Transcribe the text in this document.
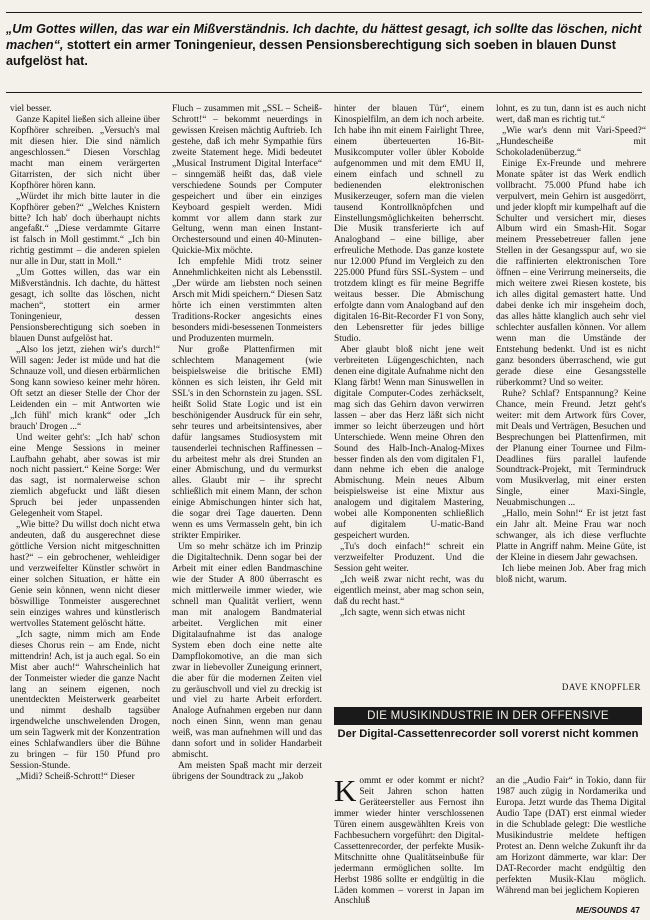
„Um Gottes willen, das war ein Mißverständnis. Ich dachte, du hättest gesagt, ich sollte das löschen, nicht machen“, stottert ein armer Toningenieur, dessen Pensionsberechtigung sich soeben in blauen Dunst aufgelöst hat.

viel besser.

Ganze Kapitel ließen sich alleine über Kopfhörer schreiben. „Versuch's mal mit diesen hier. Die sind nämlich angeschlossen.“ Diesen Vorschlag macht man einem verärgerten Gitarristen, der sich nicht über Kopfhörer hören kann.

„Würdet ihr mich bitte lauter in die Kopfhörer geben?“ „Welches Knistern bitte? Ich hab' doch überhaupt nichts angefaßt.“ „Diese verdammte Gitarre ist falsch in Moll gestimmt.“ „Ich bin richtig gestimmt – die anderen spielen nur alle in Dur, statt in Moll.“

„Um Gottes willen, das war ein Mißverständnis. Ich dachte, du hättest gesagt, ich sollte das löschen, nicht machen“, stottert ein armer Toningenieur, dessen Pensionsberechtigung sich soeben in blauen Dunst aufgelöst hat.

„Also los jetzt, ziehen wir's durch!“ Will sagen: Jeder ist müde und hat die Schnauze voll, und diesen erbärmlichen Song kann sowieso keiner mehr hören. Oft setzt an dieser Stelle der Chor der Leidenden ein – mit Antworten wie „Ich fühl' mich krank“ oder „Ich brauch' Drogen ...“

Und weiter geht's: „Ich hab' schon eine Menge Sessions in meiner Laufbahn gehabt, aber sowas ist mir noch nicht passiert.“ Keine Sorge: Wer das sagt, ist normalerweise schon ziemlich abgefuckt und läßt diesen Spruch bei jeder unpassenden Gelegenheit vom Stapel.

„Wie bitte? Du willst doch nicht etwa andeuten, daß du ausgerechnet diese göttliche Version nicht mitgeschnitten hast?“ – ein gebrochener, wehleidiger und verzweifelter Künstler schwört in einer solchen Situation, er hätte ein Genie sein können, wenn nicht dieser böswillige Tonmeister ausgerechnet sein einziges wahres und künstlerisch wertvolles Statement gelöscht hätte.

„Ich sagte, nimm mich am Ende dieses Chorus rein – am Ende, nicht mittendrin! Ach, ist ja auch egal. So ein Mist aber auch!“ Wahrscheinlich hat der Tonmeister wieder die ganze Nacht lang an seinem eigenen, noch unentdeckten Meisterwerk gearbeitet und nimmt deshalb tagsüber irgendwelche unschwelenden Drogen, um sein Tagwerk mit der Konzentration eines Schlafwandlers über die Bühne zu bringen – für 150 Pfund pro Session-Stunde.

„Midi? Scheiß-Schrott!“ Dieser

Fluch – zusammen mit „SSL – Scheiß-Schrott!“ – bekommt neuerdings in gewissen Kreisen mächtig Auftrieb. Ich gestehe, daß ich mehr Sympathie fürs zweite Statement hege. Midi bedeutet „Musical Instrument Digital Interface“ – sinngemäß heißt das, daß viele verschiedene Sounds per Computer gespeichert und über ein einziges Keyboard gespielt werden. Midi kommt vor allem dann stark zur Geltung, wenn man einen Instant-Orchestersound und einen 40-Minuten-Quickie-Mix möchte.

Ich empfehle Midi trotz seiner Annehmlichkeiten nicht als Lebensstil. „Der würde am liebsten noch seinen Arsch mit Midi speichern.“ Diesen Satz hörte ich einen verstimmten alten Traditions-Rocker angesichts eines besonders midi-besessenen Tonmeisters und Produzenten murmeln.

Nur große Plattenfirmen mit schlechtem Management (wie beispielsweise die britische EMI) können es sich leisten, ihr Geld mit SSL's in den Schornstein zu jagen. SSL heißt Solid State Logic und ist ein beschönigender Ausdruck für ein sehr, sehr teures und arbeitsintensives, aber dafür langsames Studiosystem mit tausenderlei technischen Raffinessen – du arbeitest mehr als drei Stunden an einer Abmischung, und du vermurkst alles. Glaubt mir – ihr sprecht schließlich mit einem Mann, der schon einige Abmischungen hinter sich hat, die sogar drei Tage dauerten. Denn wenn es ums Vermasseln geht, bin ich strikter Empiriker.

Um so mehr schätze ich im Prinzip die Digitaltechnik. Denn sogar bei der Arbeit mit einer edlen Bandmaschine wie der Studer A 800 überrascht es mich mittlerweile immer wieder, wie schnell man Qualität verliert, wenn man mit analogem Bandmaterial arbeitet. Verglichen mit einer Digitalaufnahme ist das analoge System eben doch eine nette alte Dampflokomotive, an die man sich zwar in liebevoller Zuneigung erinnert, die aber für die modernen Zeiten viel zu geräuschvoll und viel zu dreckig ist und viel zu harte Arbeit erfordert. Analoge Aufnahmen ergeben nur dann noch einen Sinn, wenn man genau weiß, was man aufnehmen will und das dann sofort und in solider Handarbeit abmischt.

Am meisten Spaß macht mir derzeit übrigens der Soundtrack zu „Jakob

hinter der blauen Tür“, einem Kinospielfilm, an dem ich noch arbeite. Ich habe ihn mit einem Fairlight Three, einem überteuerten 16-Bit-Musikcomputer voller übler Kobolde aufgenommen und mit dem EMU II, einem einfach und schnell zu bedienenden elektronischen Musikerzeuger, sofern man die vielen tausend Kontrollknöpfchen und Einstellungsmöglichkeiten beherrscht. Die Musik transferierte ich auf Analogband – eine billige, aber erfreuliche Methode. Das ganze kostete nur 12.000 Pfund im Vergleich zu den 225.000 Pfund fürs SSL-System – und trotzdem klingt es für meine Begriffe weitaus besser. Die Abmischung erfolgte dann vom Analogband auf den digitalen 16-Bit-Recorder F1 von Sony, den Lebensretter für jedes billige Studio.

Aber glaubt bloß nicht jene weit verbreiteten Lügengeschichten, nach denen eine digitale Aufnahme nicht den Klang färbt! Wenn man Sinuswellen in digitale Computer-Codes zerhäckselt, mag sich das Gehirn davon verwirren lassen – aber das Herz läßt sich nicht immer so leicht überzeugen und hört Unterschiede. Wenn meine Ohren den Sound des Halb-Inch-Analog-Mixes besser finden als den vom digitalen F1, dann nehme ich eben die analoge Abmischung. Mein neues Album beispielsweise ist eine Mixtur aus analogem und digitalem Mastering, wobei alle Komponenten schließlich auf digitalem U-matic-Band gespeichert wurden.

„Tu's doch einfach!“ schreit ein verzweifelter Produzent. Und die Session geht weiter.

„Ich weiß zwar nicht recht, was du eigentlich meinst, aber mag schon sein, daß du recht hast.“

„Ich sagte, wenn sich etwas nicht

lohnt, es zu tun, dann ist es auch nicht wert, daß man es richtig tut.“

„Wie war's denn mit Vari-Speed?“ „Hundescheiße mit Schokoladenüberzug.“

Einige Ex-Freunde und mehrere Monate später ist das Werk endlich vollbracht. 75.000 Pfund habe ich verpulvert, mein Gehirn ist ausgedörrt, und jeder klopft mir kumpelhaft auf die Schulter und versichert mir, dieses Album wird ein Smash-Hit. Sogar meinem Pressebetreuer fallen jene Stellen in der Gesangsspur auf, wo sie die raffinierten elektronischen Tore öffnen – eine Verirrung meinerseits, die mich weitere zwei Riesen kostete, bis ich alles digital gemastert hatte. Und dabei denke ich mir insgeheim doch, das alles hätte klanglich auch sehr viel schlechter ausfallen können. Vor allem wenn man die Umstände der Entstehung bedenkt. Und ist es nicht ganz besonders überraschend, wie gut gerade diese eine Gesangsstelle rüberkommt? Und so weiter.

Ruhe? Schlaf? Entspannung? Keine Chance, mein Freund. Jetzt geht's weiter: mit dem Artwork fürs Cover, mit Deals und Verträgen, Besuchen und Besprechungen bei Plattenfirmen, mit der Planung einer Tournee und Film-Deadlines fürs parallel laufende Soundtrack-Projekt, mit Termindruck vom Musikverlag, mit einer ersten Single, einer Maxi-Single, Neuabmischungen ...

„Hallo, mein Sohn!“ Er ist jetzt fast ein Jahr alt. Meine Frau war noch schwanger, als ich diese verfluchte Platte in Angriff nahm. Meine Güte, ist der Kleine in diesem Jahr gewachsen.

Ich liebe meinen Job. Aber frag mich bloß nicht, warum.

DAVE KNOPFLER
DIE MUSIKINDUSTRIE IN DER OFFENSIVE
Der Digital-Cassettenrecorder soll vorerst nicht kommen

Kommt er oder kommt er nicht? Seit Jahren schon hatten Geräteersteller aus Fernost ihn immer wieder hinter verschlossenen Türen einem ausgewählten Kreis von Fachbesuchern vorgeführt: den Digital-Cassettenrecorder, der perfekte Musik-Mitschnitte ohne Qualitätseinbuße für jedermann ermöglichen sollte. Im Herbst 1986 sollte er endgültig in die Läden kommen – vorerst in Japan im Anschluß

an die „Audio Fair“ in Tokio, dann für 1987 auch zügig in Nordamerika und Europa. Jetzt wurde das Thema Digital Audio Tape (DAT) erst einmal wieder in die Schublade gelegt: Die westliche Musikindustrie meldete heftigen Protest an. Denn welche Zukunft ihr da am Horizont dämmerte, war klar: Der DAT-Recorder macht endgültig den perfekten Musik-Klau möglich. Während man bei jeglichem Kopieren

ME/SOUNDS 47
